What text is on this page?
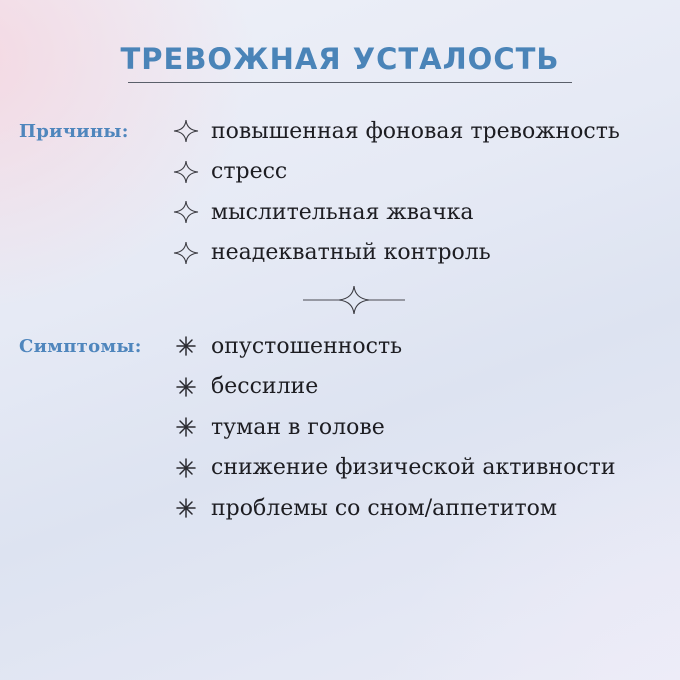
ТРЕВОЖНАЯ УСТАЛОСТЬ
Причины:	повышенная фоновая тревожность
стресс
мыслительная жвачка
неадекватный контроль
Симптомы:	опустошенность
бессилие
туман в голове
снижение физической активности
проблемы со сном/аппетитом
